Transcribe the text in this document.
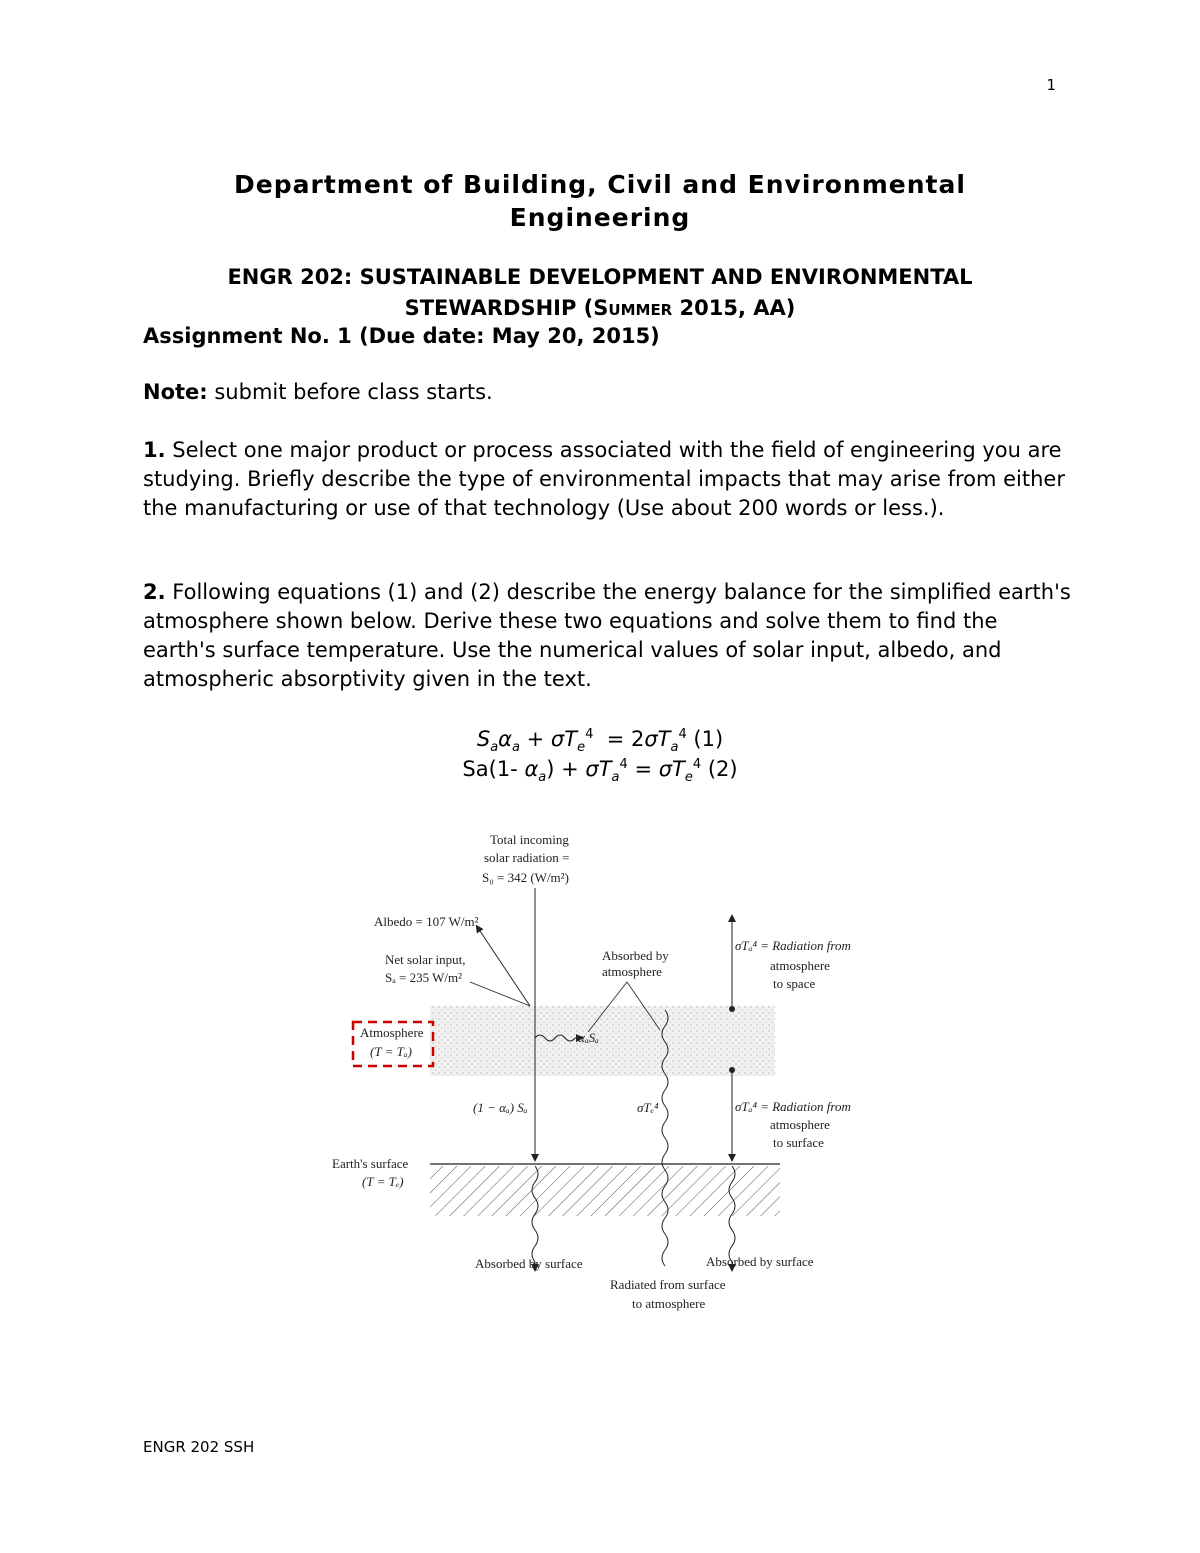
1
Department of Building, Civil and Environmental
Engineering
ENGR 202: SUSTAINABLE DEVELOPMENT AND ENVIRONMENTAL
STEWARDSHIP (SUMMER 2015, AA)
Assignment No. 1 (Due date: May 20, 2015)
Note: submit before class starts.
1. Select one major product or process associated with the field of engineering you are studying. Briefly describe the type of environmental impacts that may arise from either the manufacturing or use of that technology (Use about 200 words or less.).
2. Following equations (1) and (2) describe the energy balance for the simplified earth's atmosphere shown below. Derive these two equations and solve them to find the earth's surface temperature. Use the numerical values of solar input, albedo, and atmospheric absorptivity given in the text.
$S_a\alpha_a + \sigma T_e^4 = 2\sigma T_a^4$ (1)
Sa(1- $\alpha_a) + \sigma T_a^4 = \sigma T_e^4$ (2)
Total incoming
solar radiation =
S₀ = 342 (W/m²)
Albedo = 107 W/m²
Net solar input,
Sₐ = 235 W/m²
Absorbed by
atmosphere
σTₐ⁴ = Radiation from
atmosphere
to space
Atmosphere
(T = Tₐ)
αₐSₐ
(1 − αₐ) Sₐ	σTₑ⁴	σTₐ⁴ = Radiation from
atmosphere
to surface
Earth's surface
(T = Tₑ)
Absorbed by surface	Absorbed by surface
Radiated from surface
to atmosphere
ENGR 202 SSH
